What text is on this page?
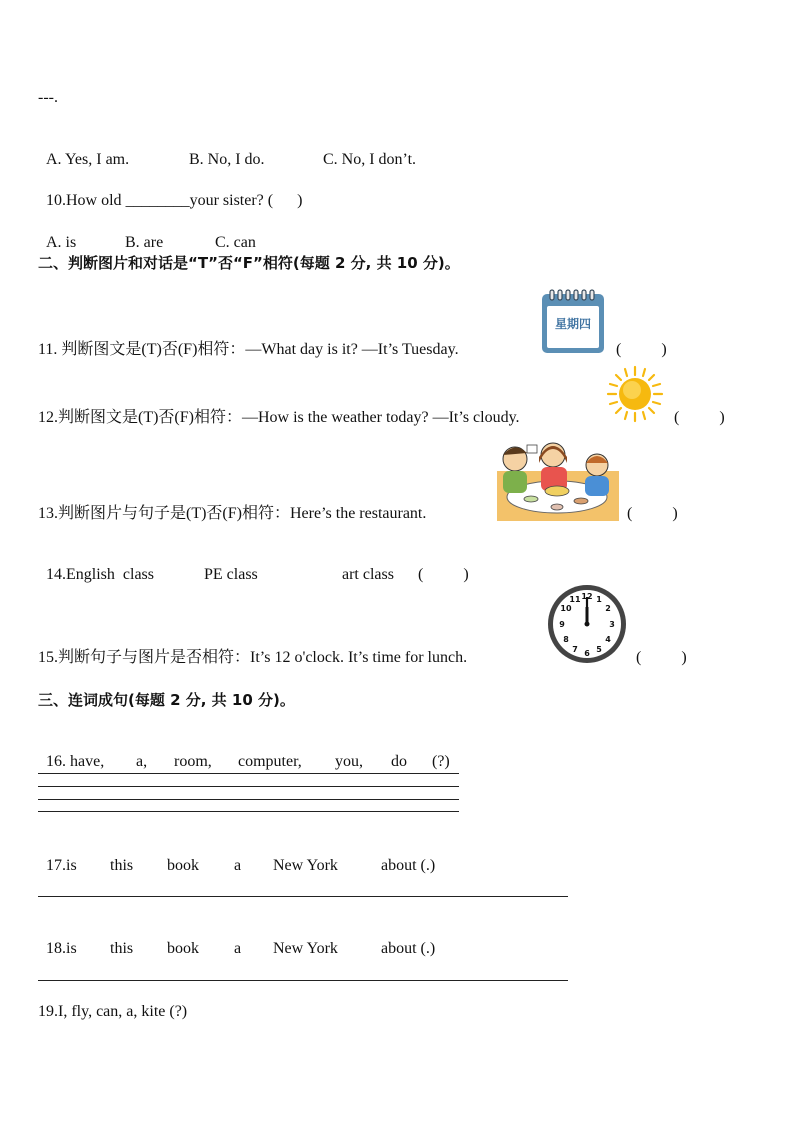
---.

A. Yes, I am.	B. No, I do.	C. No, I don’t.

10.How old ________your sister? (      )

A. is	B. are	C. can

二、判断图片和对话是“T”否“F”相符(每题 2 分, 共 10 分)。
星期四
11. 判断图文是(T)否(F)相符：—What day is it? —It’s Tuesday.	(          )
12.判断图文是(T)否(F)相符：—How is the weather today? —It’s cloudy.	(          )
13.判断图片与句子是(T)否(F)相符：Here’s the restaurant.	(          )

14.English  class	PE class	art class (          )

12 1
2
3
4
5
6
7
8
9
10
11
15.判断句子与图片是否相符：It’s 12 o'clock. It’s time for lunch.	(          )
三、连词成句(每题 2 分, 共 10 分)。

16. have, a, room, computer, you, do (?)

17.is this book a New York	about (.)

18.is this book a New York	about (.)

19.I, fly, can, a, kite (?)
